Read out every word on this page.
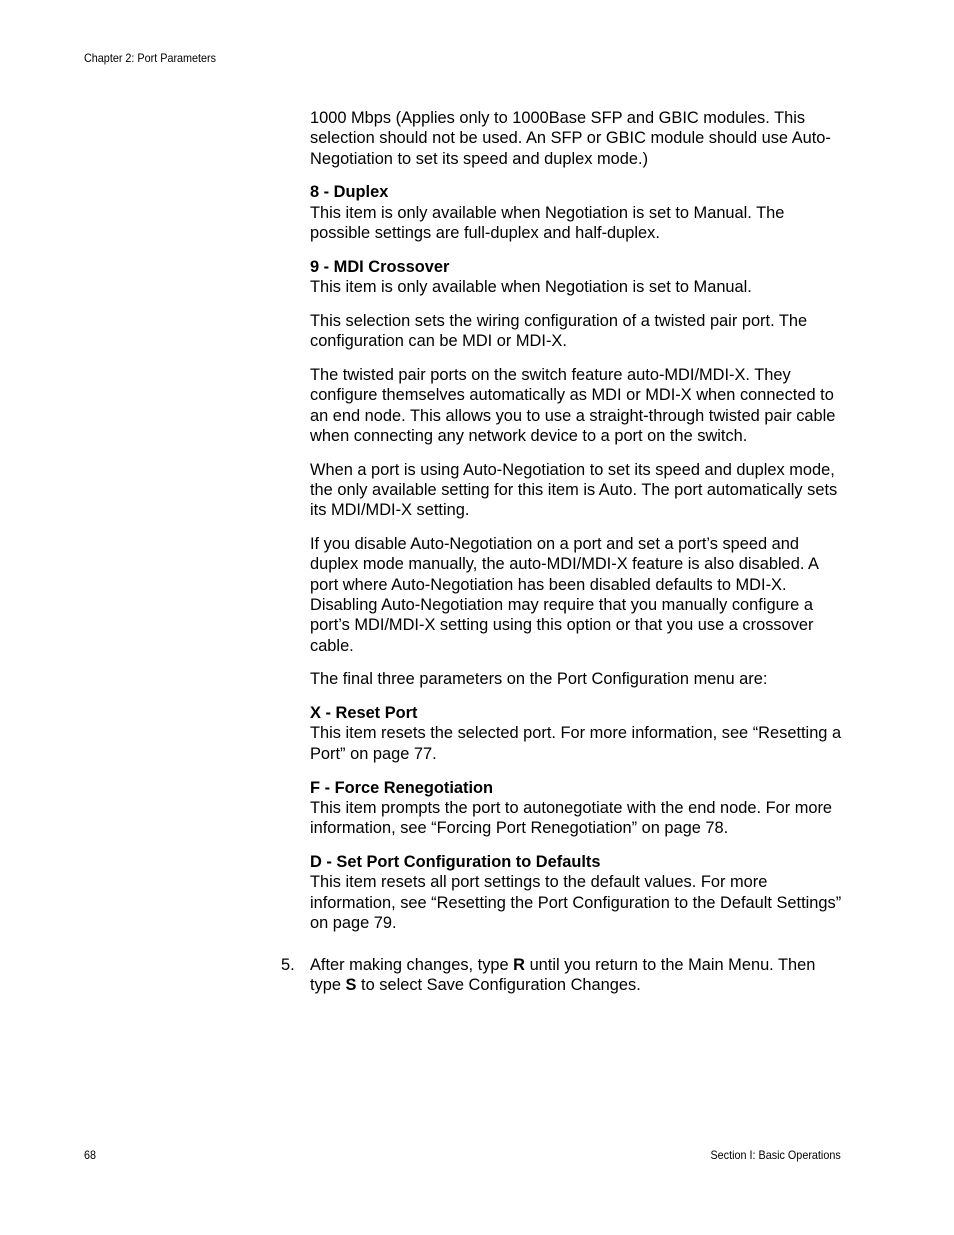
Chapter 2: Port Parameters

1000 Mbps (Applies only to 1000Base SFP and GBIC modules. This selection should not be used. An SFP or GBIC module should use Auto-Negotiation to set its speed and duplex mode.)

8 - Duplex
This item is only available when Negotiation is set to Manual. The possible settings are full-duplex and half-duplex.
9 - MDI Crossover
This item is only available when Negotiation is set to Manual.

This selection sets the wiring configuration of a twisted pair port. The configuration can be MDI or MDI-X.

The twisted pair ports on the switch feature auto-MDI/MDI-X. They configure themselves automatically as MDI or MDI-X when connected to an end node. This allows you to use a straight-through twisted pair cable when connecting any network device to a port on the switch.

When a port is using Auto-Negotiation to set its speed and duplex mode, the only available setting for this item is Auto. The port automatically sets its MDI/MDI-X setting.

If you disable Auto-Negotiation on a port and set a port’s speed and duplex mode manually, the auto-MDI/MDI-X feature is also disabled. A port where Auto-Negotiation has been disabled defaults to MDI-X. Disabling Auto-Negotiation may require that you manually configure a port’s MDI/MDI-X setting using this option or that you use a crossover cable.

The final three parameters on the Port Configuration menu are:

X - Reset Port
This item resets the selected port. For more information, see “Resetting a Port” on page 77.
F - Force Renegotiation
This item prompts the port to autonegotiate with the end node. For more information, see “Forcing Port Renegotiation” on page 78.
D - Set Port Configuration to Defaults
This item resets all port settings to the default values. For more information, see “Resetting the Port Configuration to the Default Settings” on page 79.
5. After making changes, type R until you return to the Main Menu. Then type S to select Save Configuration Changes.
68	Section I: Basic Operations
